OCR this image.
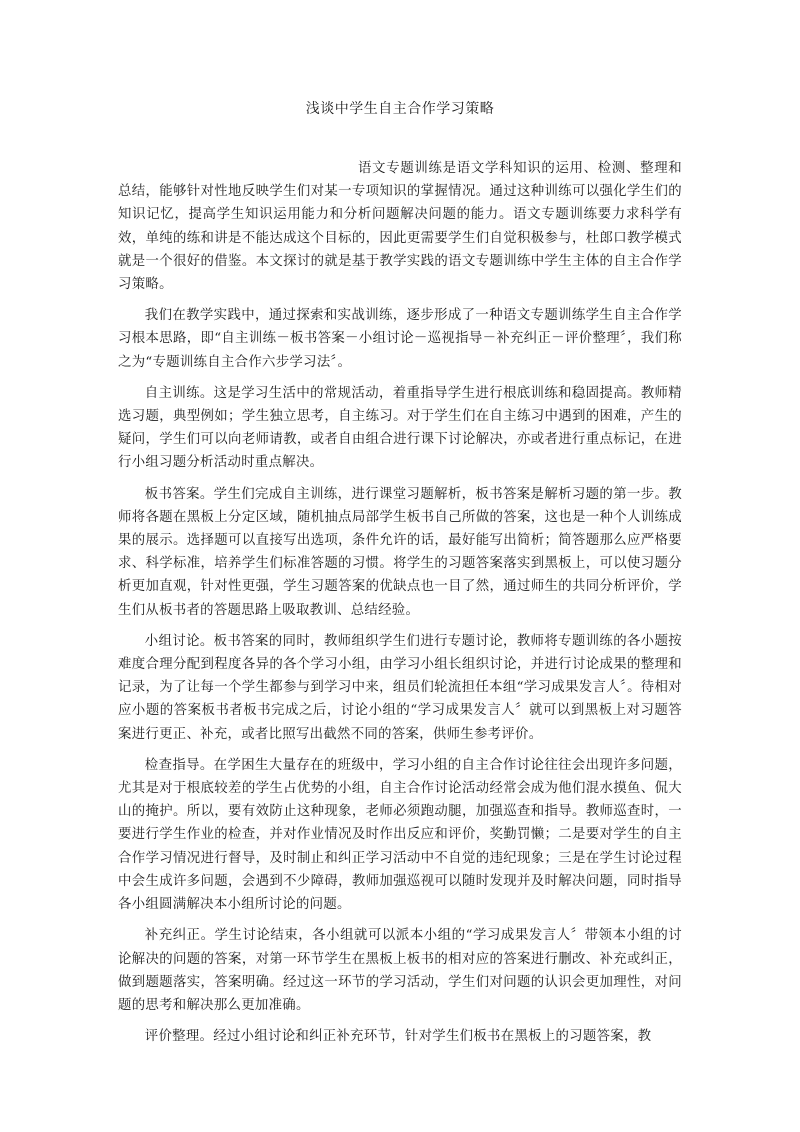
浅谈中学生自主合作学习策略

语文专题训练是语文学科知识的运用、检测、整理和总结，能够针对性地反映学生们对某一专项知识的掌握情况。通过这种训练可以强化学生们的知识记忆，提高学生知识运用能力和分析问题解决问题的能力。语文专题训练要力求科学有效，单纯的练和讲是不能达成这个目标的，因此更需要学生们自觉积极参与，杜郎口教学模式就是一个很好的借鉴。本文探讨的就是基于教学实践的语文专题训练中学生主体的自主合作学习策略。

我们在教学实践中，通过探索和实战训练，逐步形成了一种语文专题训练学生自主合作学习根本思路，即“自主训练－板书答案－小组讨论－巡视指导－补充纠正－评价整理〞，我们称之为“专题训练自主合作六步学习法〞。

自主训练。这是学习生活中的常规活动，着重指导学生进行根底训练和稳固提高。教师精选习题，典型例如；学生独立思考，自主练习。对于学生们在自主练习中遇到的困难，产生的疑问，学生们可以向老师请教，或者自由组合进行课下讨论解决，亦或者进行重点标记，在进行小组习题分析活动时重点解决。

板书答案。学生们完成自主训练，进行课堂习题解析，板书答案是解析习题的第一步。教师将各题在黑板上分定区域，随机抽点局部学生板书自己所做的答案，这也是一种个人训练成果的展示。选择题可以直接写出选项，条件允许的话，最好能写出简析；简答题那么应严格要求、科学标准，培养学生们标准答题的习惯。将学生的习题答案落实到黑板上，可以使习题分析更加直观，针对性更强，学生习题答案的优缺点也一目了然，通过师生的共同分析评价，学生们从板书者的答题思路上吸取教训、总结经验。

小组讨论。板书答案的同时，教师组织学生们进行专题讨论，教师将专题训练的各小题按难度合理分配到程度各异的各个学习小组，由学习小组长组织讨论，并进行讨论成果的整理和记录，为了让每一个学生都参与到学习中来，组员们轮流担任本组“学习成果发言人〞。待相对应小题的答案板书者板书完成之后，讨论小组的“学习成果发言人〞就可以到黑板上对习题答案进行更正、补充，或者比照写出截然不同的答案，供师生参考评价。

检查指导。在学困生大量存在的班级中，学习小组的自主合作讨论往往会出现许多问题，尤其是对于根底较差的学生占优势的小组，自主合作讨论活动经常会成为他们混水摸鱼、侃大山的掩护。所以，要有效防止这种现象，老师必须跑动腿，加强巡查和指导。教师巡查时，一要进行学生作业的检查，并对作业情况及时作出反应和评价，奖勤罚懒；二是要对学生的自主合作学习情况进行督导，及时制止和纠正学习活动中不自觉的违纪现象；三是在学生讨论过程中会生成许多问题，会遇到不少障碍，教师加强巡视可以随时发现并及时解决问题，同时指导各小组圆满解决本小组所讨论的问题。

补充纠正。学生讨论结束，各小组就可以派本小组的“学习成果发言人〞带领本小组的讨论解决的问题的答案，对第一环节学生在黑板上板书的相对应的答案进行删改、补充或纠正，做到题题落实，答案明确。经过这一环节的学习活动，学生们对问题的认识会更加理性，对问题的思考和解决那么更加准确。

评价整理。经过小组讨论和纠正补充环节，针对学生们板书在黑板上的习题答案，教
